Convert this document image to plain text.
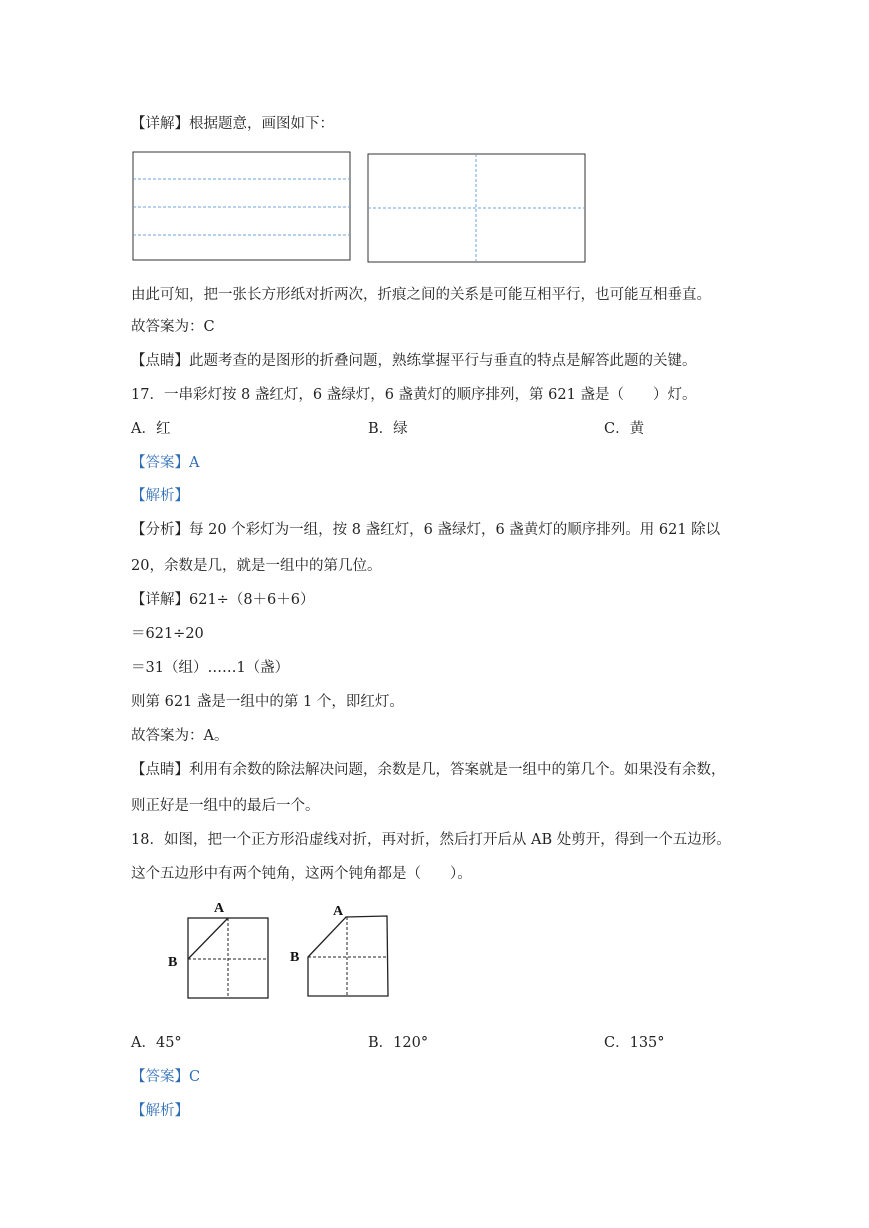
【详解】根据题意，画图如下：
由此可知，把一张长方形纸对折两次，折痕之间的关系是可能互相平行，也可能互相垂直。
故答案为：C
【点睛】此题考查的是图形的折叠问题，熟练掌握平行与垂直的特点是解答此题的关键。
17．一串彩灯按 8 盏红灯，6 盏绿灯，6 盏黄灯的顺序排列，第 621 盏是（　　）灯。
A．红	B．绿	C．黄
【答案】A
【解析】
【分析】每 20 个彩灯为一组，按 8 盏红灯，6 盏绿灯，6 盏黄灯的顺序排列。用 621 除以
20，余数是几，就是一组中的第几位。
【详解】621÷（8＋6＋6）
＝621÷20
＝31（组）……1（盏）
则第 621 盏是一组中的第 1 个，即红灯。
故答案为：A。
【点睛】利用有余数的除法解决问题，余数是几，答案就是一组中的第几个。如果没有余数，
则正好是一组中的最后一个。
18．如图，把一个正方形沿虚线对折，再对折，然后打开后从 AB 处剪开，得到一个五边形。
这个五边形中有两个钝角，这两个钝角都是（　　）。
A
B
A
B
A．45°	B．120°	C．135°
【答案】C
【解析】
